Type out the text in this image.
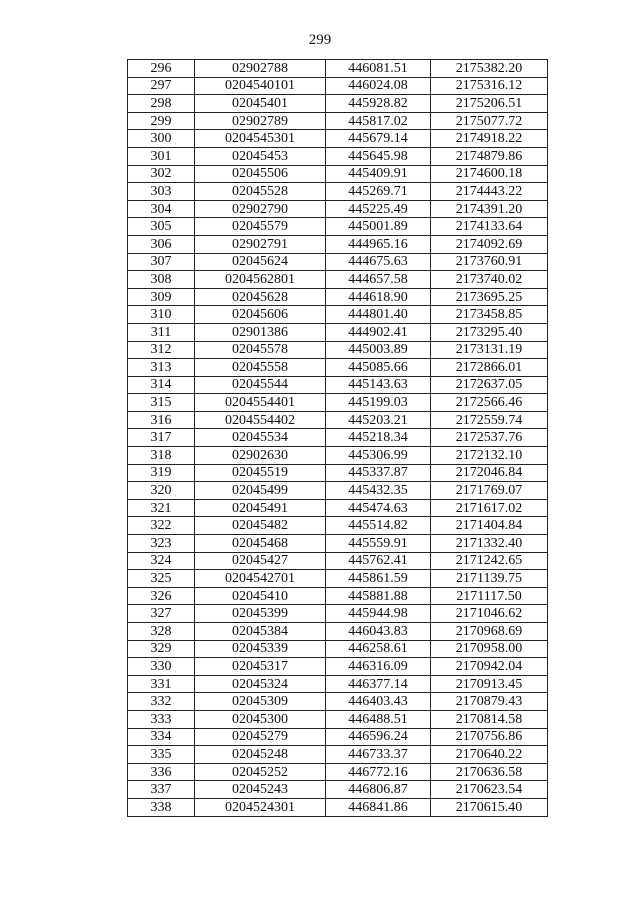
299
296	02902788	446081.51	2175382.20
297	0204540101	446024.08	2175316.12
298	02045401	445928.82	2175206.51
299	02902789	445817.02	2175077.72
300	0204545301	445679.14	2174918.22
301	02045453	445645.98	2174879.86
302	02045506	445409.91	2174600.18
303	02045528	445269.71	2174443.22
304	02902790	445225.49	2174391.20
305	02045579	445001.89	2174133.64
306	02902791	444965.16	2174092.69
307	02045624	444675.63	2173760.91
308	0204562801	444657.58	2173740.02
309	02045628	444618.90	2173695.25
310	02045606	444801.40	2173458.85
311	02901386	444902.41	2173295.40
312	02045578	445003.89	2173131.19
313	02045558	445085.66	2172866.01
314	02045544	445143.63	2172637.05
315	0204554401	445199.03	2172566.46
316	0204554402	445203.21	2172559.74
317	02045534	445218.34	2172537.76
318	02902630	445306.99	2172132.10
319	02045519	445337.87	2172046.84
320	02045499	445432.35	2171769.07
321	02045491	445474.63	2171617.02
322	02045482	445514.82	2171404.84
323	02045468	445559.91	2171332.40
324	02045427	445762.41	2171242.65
325	0204542701	445861.59	2171139.75
326	02045410	445881.88	2171117.50
327	02045399	445944.98	2171046.62
328	02045384	446043.83	2170968.69
329	02045339	446258.61	2170958.00
330	02045317	446316.09	2170942.04
331	02045324	446377.14	2170913.45
332	02045309	446403.43	2170879.43
333	02045300	446488.51	2170814.58
334	02045279	446596.24	2170756.86
335	02045248	446733.37	2170640.22
336	02045252	446772.16	2170636.58
337	02045243	446806.87	2170623.54
338	0204524301	446841.86	2170615.40
